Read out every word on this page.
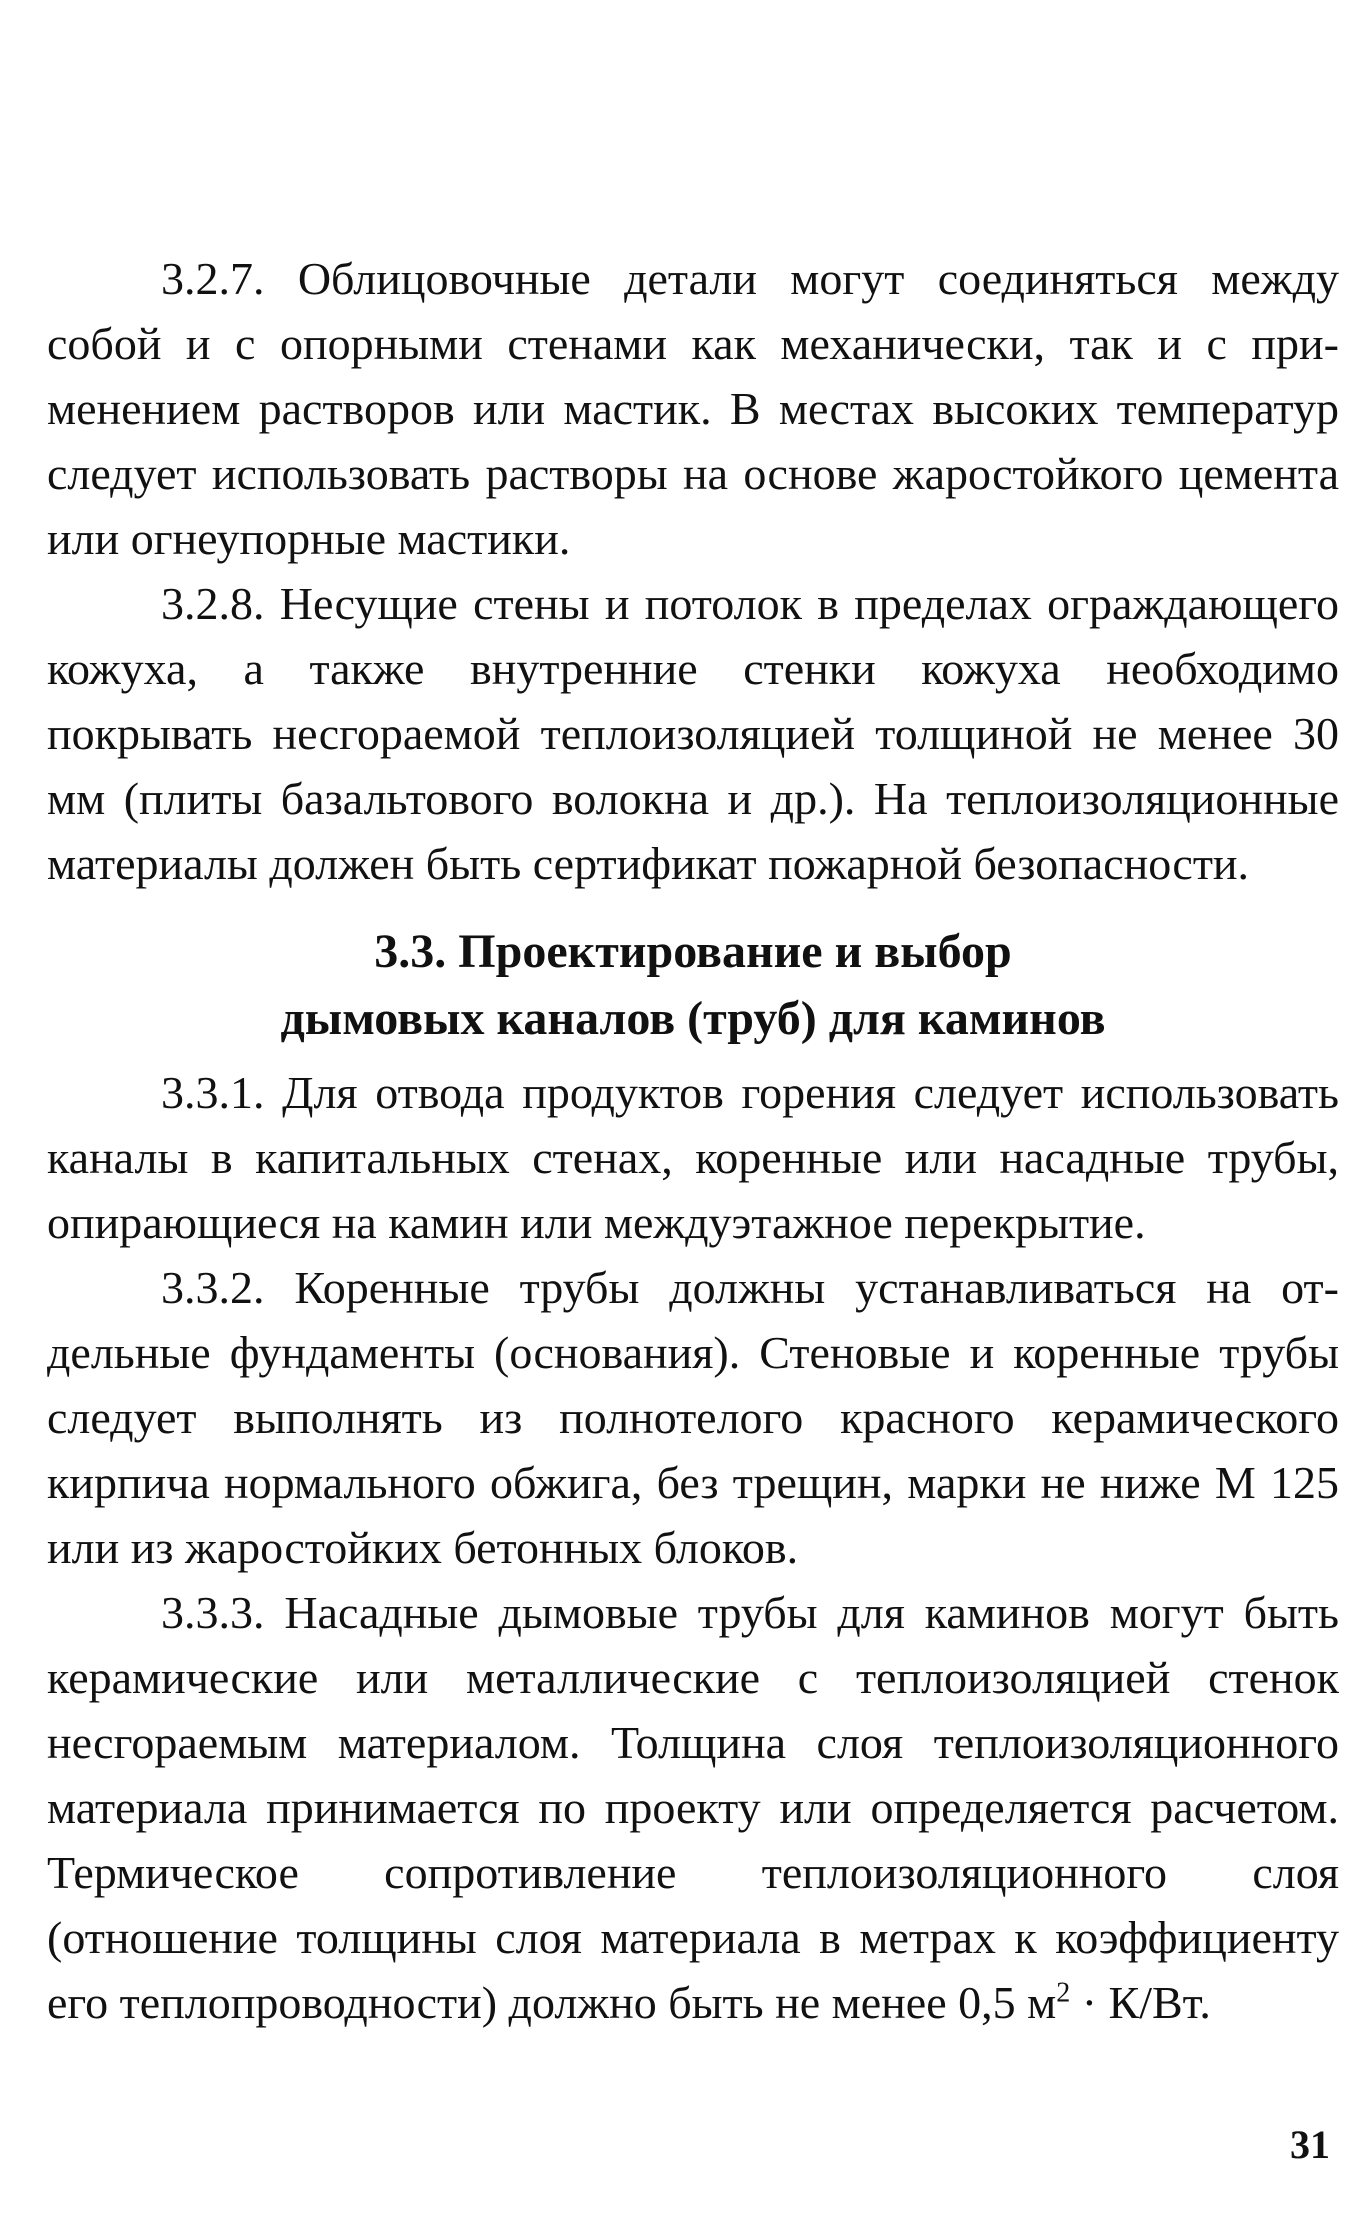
3.2.7. Облицовочные детали могут соединяться между собой и с опорными стенами как механически, так и с применением растворов или мастик. В местах высоких температур следует использовать растворы на основе жаростойкого цемента или огнеупорные мастики.

3.2.8. Несущие стены и потолок в пределах ограждающего кожуха, а также внутренние стенки кожуха необходимо покрывать несгораемой теплоизоляцией толщиной не менее 30 мм (плиты базальтового волокна и др.). На теплоизоляционные материалы должен быть сертификат пожарной безопасности.

3.3. Проектирование и выбор
дымовых каналов (труб) для каминов

3.3.1. Для отвода продуктов горения следует использовать каналы в капитальных стенах, коренные или насадные трубы, опирающиеся на камин или междуэтажное перекрытие.

3.3.2. Коренные трубы должны устанавливаться на отдельные фундаменты (основания). Стеновые и коренные трубы следует выполнять из полнотелого красного керамического кирпича нормального обжига, без трещин, марки не ниже М 125 или из жаростойких бетонных блоков.

3.3.3. Насадные дымовые трубы для каминов могут быть керамические или металлические с теплоизоляцией стенок несгораемым материалом. Толщина слоя теплоизоляционного материала принимается по проекту или определяется расчетом. Термическое сопротивление теплоизоляционного слоя (отношение толщины слоя материала в метрах к коэффициенту его теплопроводности) должно быть не менее 0,5 $м^2 \cdot К/Вт$.

31
